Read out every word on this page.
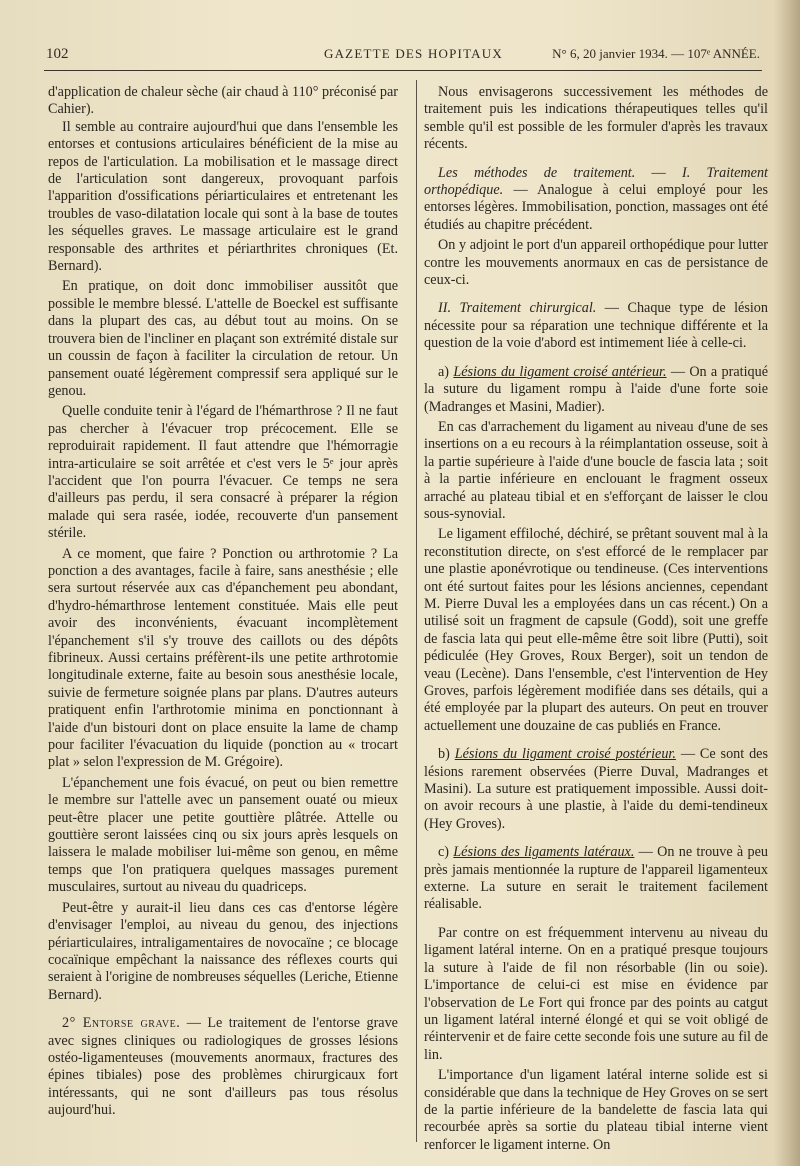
102	GAZETTE DES HOPITAUX	N° 6, 20 janvier 1934. — 107ᵉ ANNÉE.

d'application de chaleur sèche (air chaud à 110° préconisé par Cahier).

Il semble au contraire aujourd'hui que dans l'ensemble les entorses et contusions articulaires bénéficient de la mise au repos de l'articulation. La mobilisation et le massage direct de l'articulation sont dangereux, provoquant parfois l'apparition d'ossifications périarticulaires et entretenant les troubles de vaso-dilatation locale qui sont à la base de toutes les séquelles graves. Le massage articulaire est le grand responsable des arthrites et périarthrites chroniques (Et. Bernard).

En pratique, on doit donc immobiliser aussitôt que possible le membre blessé. L'attelle de Boeckel est suffisante dans la plupart des cas, au début tout au moins. On se trouvera bien de l'incliner en plaçant son extrémité distale sur un coussin de façon à faciliter la circulation de retour. Un pansement ouaté légèrement compressif sera appliqué sur le genou.

Quelle conduite tenir à l'égard de l'hémarthrose ? Il ne faut pas chercher à l'évacuer trop précocement. Elle se reproduirait rapidement. Il faut attendre que l'hémorragie intra-articulaire se soit arrêtée et c'est vers le 5ᵉ jour après l'accident que l'on pourra l'évacuer. Ce temps ne sera d'ailleurs pas perdu, il sera consacré à préparer la région malade qui sera rasée, iodée, recouverte d'un pansement stérile.

A ce moment, que faire ? Ponction ou arthrotomie ? La ponction a des avantages, facile à faire, sans anesthésie ; elle sera surtout réservée aux cas d'épanchement peu abondant, d'hydro-hémarthrose lentement constituée. Mais elle peut avoir des inconvénients, évacuant incomplètement l'épanchement s'il s'y trouve des caillots ou des dépôts fibrineux. Aussi certains préfèrent-ils une petite arthrotomie longitudinale externe, faite au besoin sous anesthésie locale, suivie de fermeture soignée plans par plans. D'autres auteurs pratiquent enfin l'arthrotomie minima en ponctionnant à l'aide d'un bistouri dont on place ensuite la lame de champ pour faciliter l'évacuation du liquide (ponction au « trocart plat » selon l'expression de M. Grégoire).

L'épanchement une fois évacué, on peut ou bien remettre le membre sur l'attelle avec un pansement ouaté ou mieux peut-être placer une petite gouttière plâtrée. Attelle ou gouttière seront laissées cinq ou six jours après lesquels on laissera le malade mobiliser lui-même son genou, en même temps que l'on pratiquera quelques massages purement musculaires, surtout au niveau du quadriceps.

Peut-être y aurait-il lieu dans ces cas d'entorse légère d'envisager l'emploi, au niveau du genou, des injections périarticulaires, intraligamentaires de novocaïne ; ce blocage cocaïnique empêchant la naissance des réflexes courts qui seraient à l'origine de nombreuses séquelles (Leriche, Etienne Bernard).

2° Entorse grave. — Le traitement de l'entorse grave avec signes cliniques ou radiologiques de grosses lésions ostéo-ligamenteuses (mouvements anormaux, fractures des épines tibiales) pose des problèmes chirurgicaux fort intéressants, qui ne sont d'ailleurs pas tous résolus aujourd'hui.

Nous envisagerons successivement les méthodes de traitement puis les indications thérapeutiques telles qu'il semble qu'il est possible de les formuler d'après les travaux récents.

Les méthodes de traitement. — I. Traitement orthopédique. — Analogue à celui employé pour les entorses légères. Immobilisation, ponction, massages ont été étudiés au chapitre précédent.

On y adjoint le port d'un appareil orthopédique pour lutter contre les mouvements anormaux en cas de persistance de ceux-ci.

II. Traitement chirurgical. — Chaque type de lésion nécessite pour sa réparation une technique différente et la question de la voie d'abord est intimement liée à celle-ci.

a) Lésions du ligament croisé antérieur. — On a pratiqué la suture du ligament rompu à l'aide d'une forte soie (Madranges et Masini, Madier).

En cas d'arrachement du ligament au niveau d'une de ses insertions on a eu recours à la réimplantation osseuse, soit à la partie supérieure à l'aide d'une boucle de fascia lata ; soit à la partie inférieure en enclouant le fragment osseux arraché au plateau tibial et en s'efforçant de laisser le clou sous-synovial.

Le ligament effiloché, déchiré, se prêtant souvent mal à la reconstitution directe, on s'est efforcé de le remplacer par une plastie aponévrotique ou tendineuse. (Ces interventions ont été surtout faites pour les lésions anciennes, cependant M. Pierre Duval les a employées dans un cas récent.) On a utilisé soit un fragment de capsule (Godd), soit une greffe de fascia lata qui peut elle-même être soit libre (Putti), soit pédiculée (Hey Groves, Roux Berger), soit un tendon de veau (Lecène). Dans l'ensemble, c'est l'intervention de Hey Groves, parfois légèrement modifiée dans ses détails, qui a été employée par la plupart des auteurs. On peut en trouver actuellement une douzaine de cas publiés en France.

b) Lésions du ligament croisé postérieur. — Ce sont des lésions rarement observées (Pierre Duval, Madranges et Masini). La suture est pratiquement impossible. Aussi doit-on avoir recours à une plastie, à l'aide du demi-tendineux (Hey Groves).

c) Lésions des ligaments latéraux. — On ne trouve à peu près jamais mentionnée la rupture de l'appareil ligamenteux externe. La suture en serait le traitement facilement réalisable.

Par contre on est fréquemment intervenu au niveau du ligament latéral interne. On en a pratiqué presque toujours la suture à l'aide de fil non résorbable (lin ou soie). L'importance de celui-ci est mise en évidence par l'observation de Le Fort qui fronce par des points au catgut un ligament latéral interné élongé et qui se voit obligé de réintervenir et de faire cette seconde fois une suture au fil de lin.

L'importance d'un ligament latéral interne solide est si considérable que dans la technique de Hey Groves on se sert de la partie inférieure de la bandelette de fascia lata qui recourbée après sa sortie du plateau tibial interne vient renforcer le ligament interne. On
